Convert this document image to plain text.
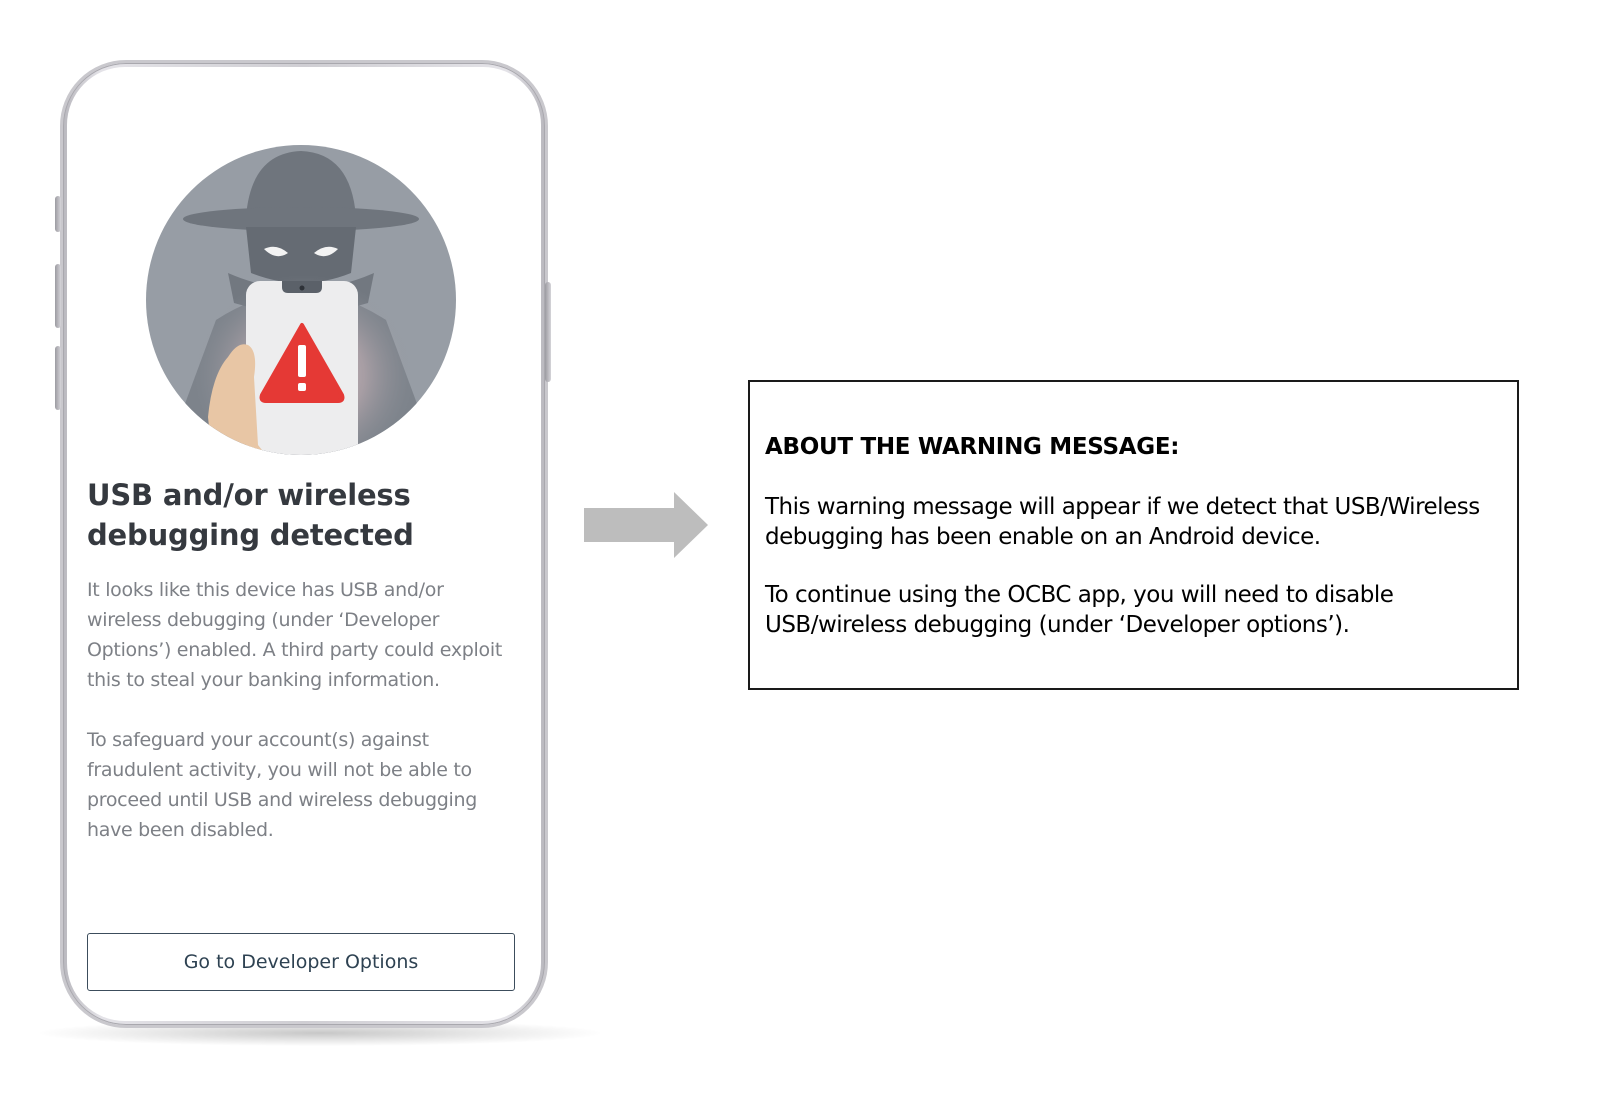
USB and/or wireless debugging detected
It looks like this device has USB and/or wireless debugging (under ‘Developer Options’) enabled. A third party could exploit this to steal your banking information.
To safeguard your account(s) against fraudulent activity, you will not be able to proceed until USB and wireless debugging have been disabled.
Go to Developer Options
ABOUT THE WARNING MESSAGE:
This warning message will appear if we detect that USB/Wireless debugging has been enable on an Android device.
To continue using the OCBC app, you will need to disable USB/wireless debugging (under ‘Developer options’).
